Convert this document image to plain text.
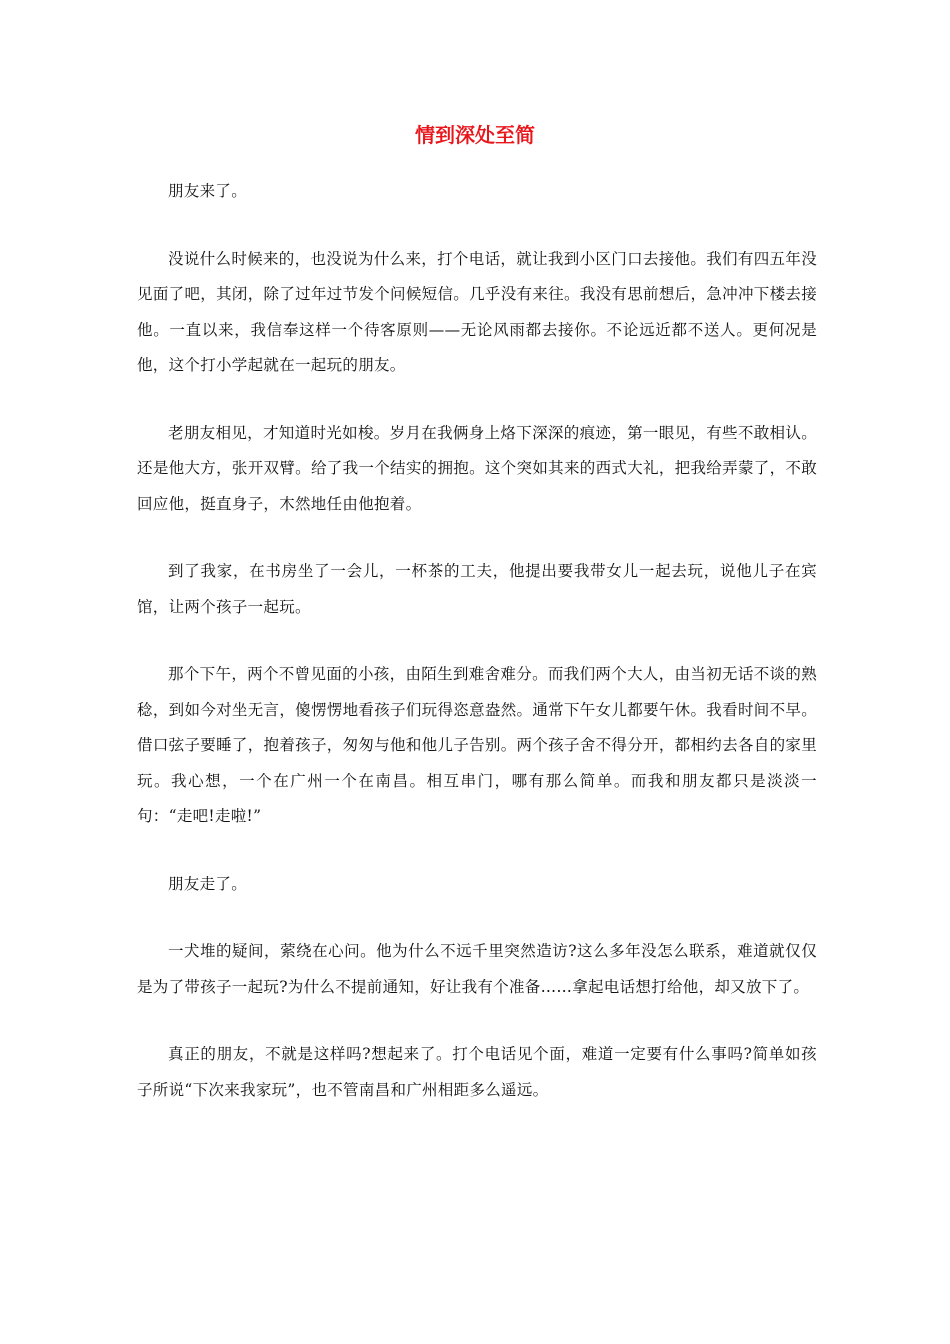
情到深处至简

朋友来了。

没说什么时候来的，也没说为什么来，打个电话，就让我到小区门口去接他。我们有四五年没见面了吧，其闭，除了过年过节发个问候短信。几乎没有来往。我没有思前想后，急冲冲下楼去接他。一直以来，我信奉这样一个待客原则——无论风雨都去接你。不论远近都不送人。更何况是他，这个打小学起就在一起玩的朋友。

老朋友相见，才知道时光如梭。岁月在我俩身上烙下深深的痕迹，第一眼见，有些不敢相认。还是他大方，张开双臂。给了我一个结实的拥抱。这个突如其来的西式大礼，把我给弄蒙了，不敢回应他，挺直身子，木然地任由他抱着。

到了我家，在书房坐了一会儿，一杯茶的工夫，他提出要我带女儿一起去玩，说他儿子在宾馆，让两个孩子一起玩。

那个下午，两个不曾见面的小孩，由陌生到难舍难分。而我们两个大人，由当初无话不谈的熟稔，到如今对坐无言，傻愣愣地看孩子们玩得恣意盎然。通常下午女儿都要午休。我看时间不早。借口弦子要睡了，抱着孩子，匆匆与他和他儿子告别。两个孩子舍不得分开，都相约去各自的家里玩。我心想，一个在广州一个在南昌。相互串门，哪有那么简单。而我和朋友都只是淡淡一句：“走吧!走啦!”

朋友走了。

一犬堆的疑间，萦绕在心问。他为什么不远千里突然造访?这么多年没怎么联系，难道就仅仅是为了带孩子一起玩?为什么不提前通知，好让我有个准备……拿起电话想打给他，却又放下了。

真正的朋友，不就是这样吗?想起来了。打个电话见个面，难道一定要有什么事吗?简单如孩子所说“下次来我家玩”，也不管南昌和广州相距多么遥远。
